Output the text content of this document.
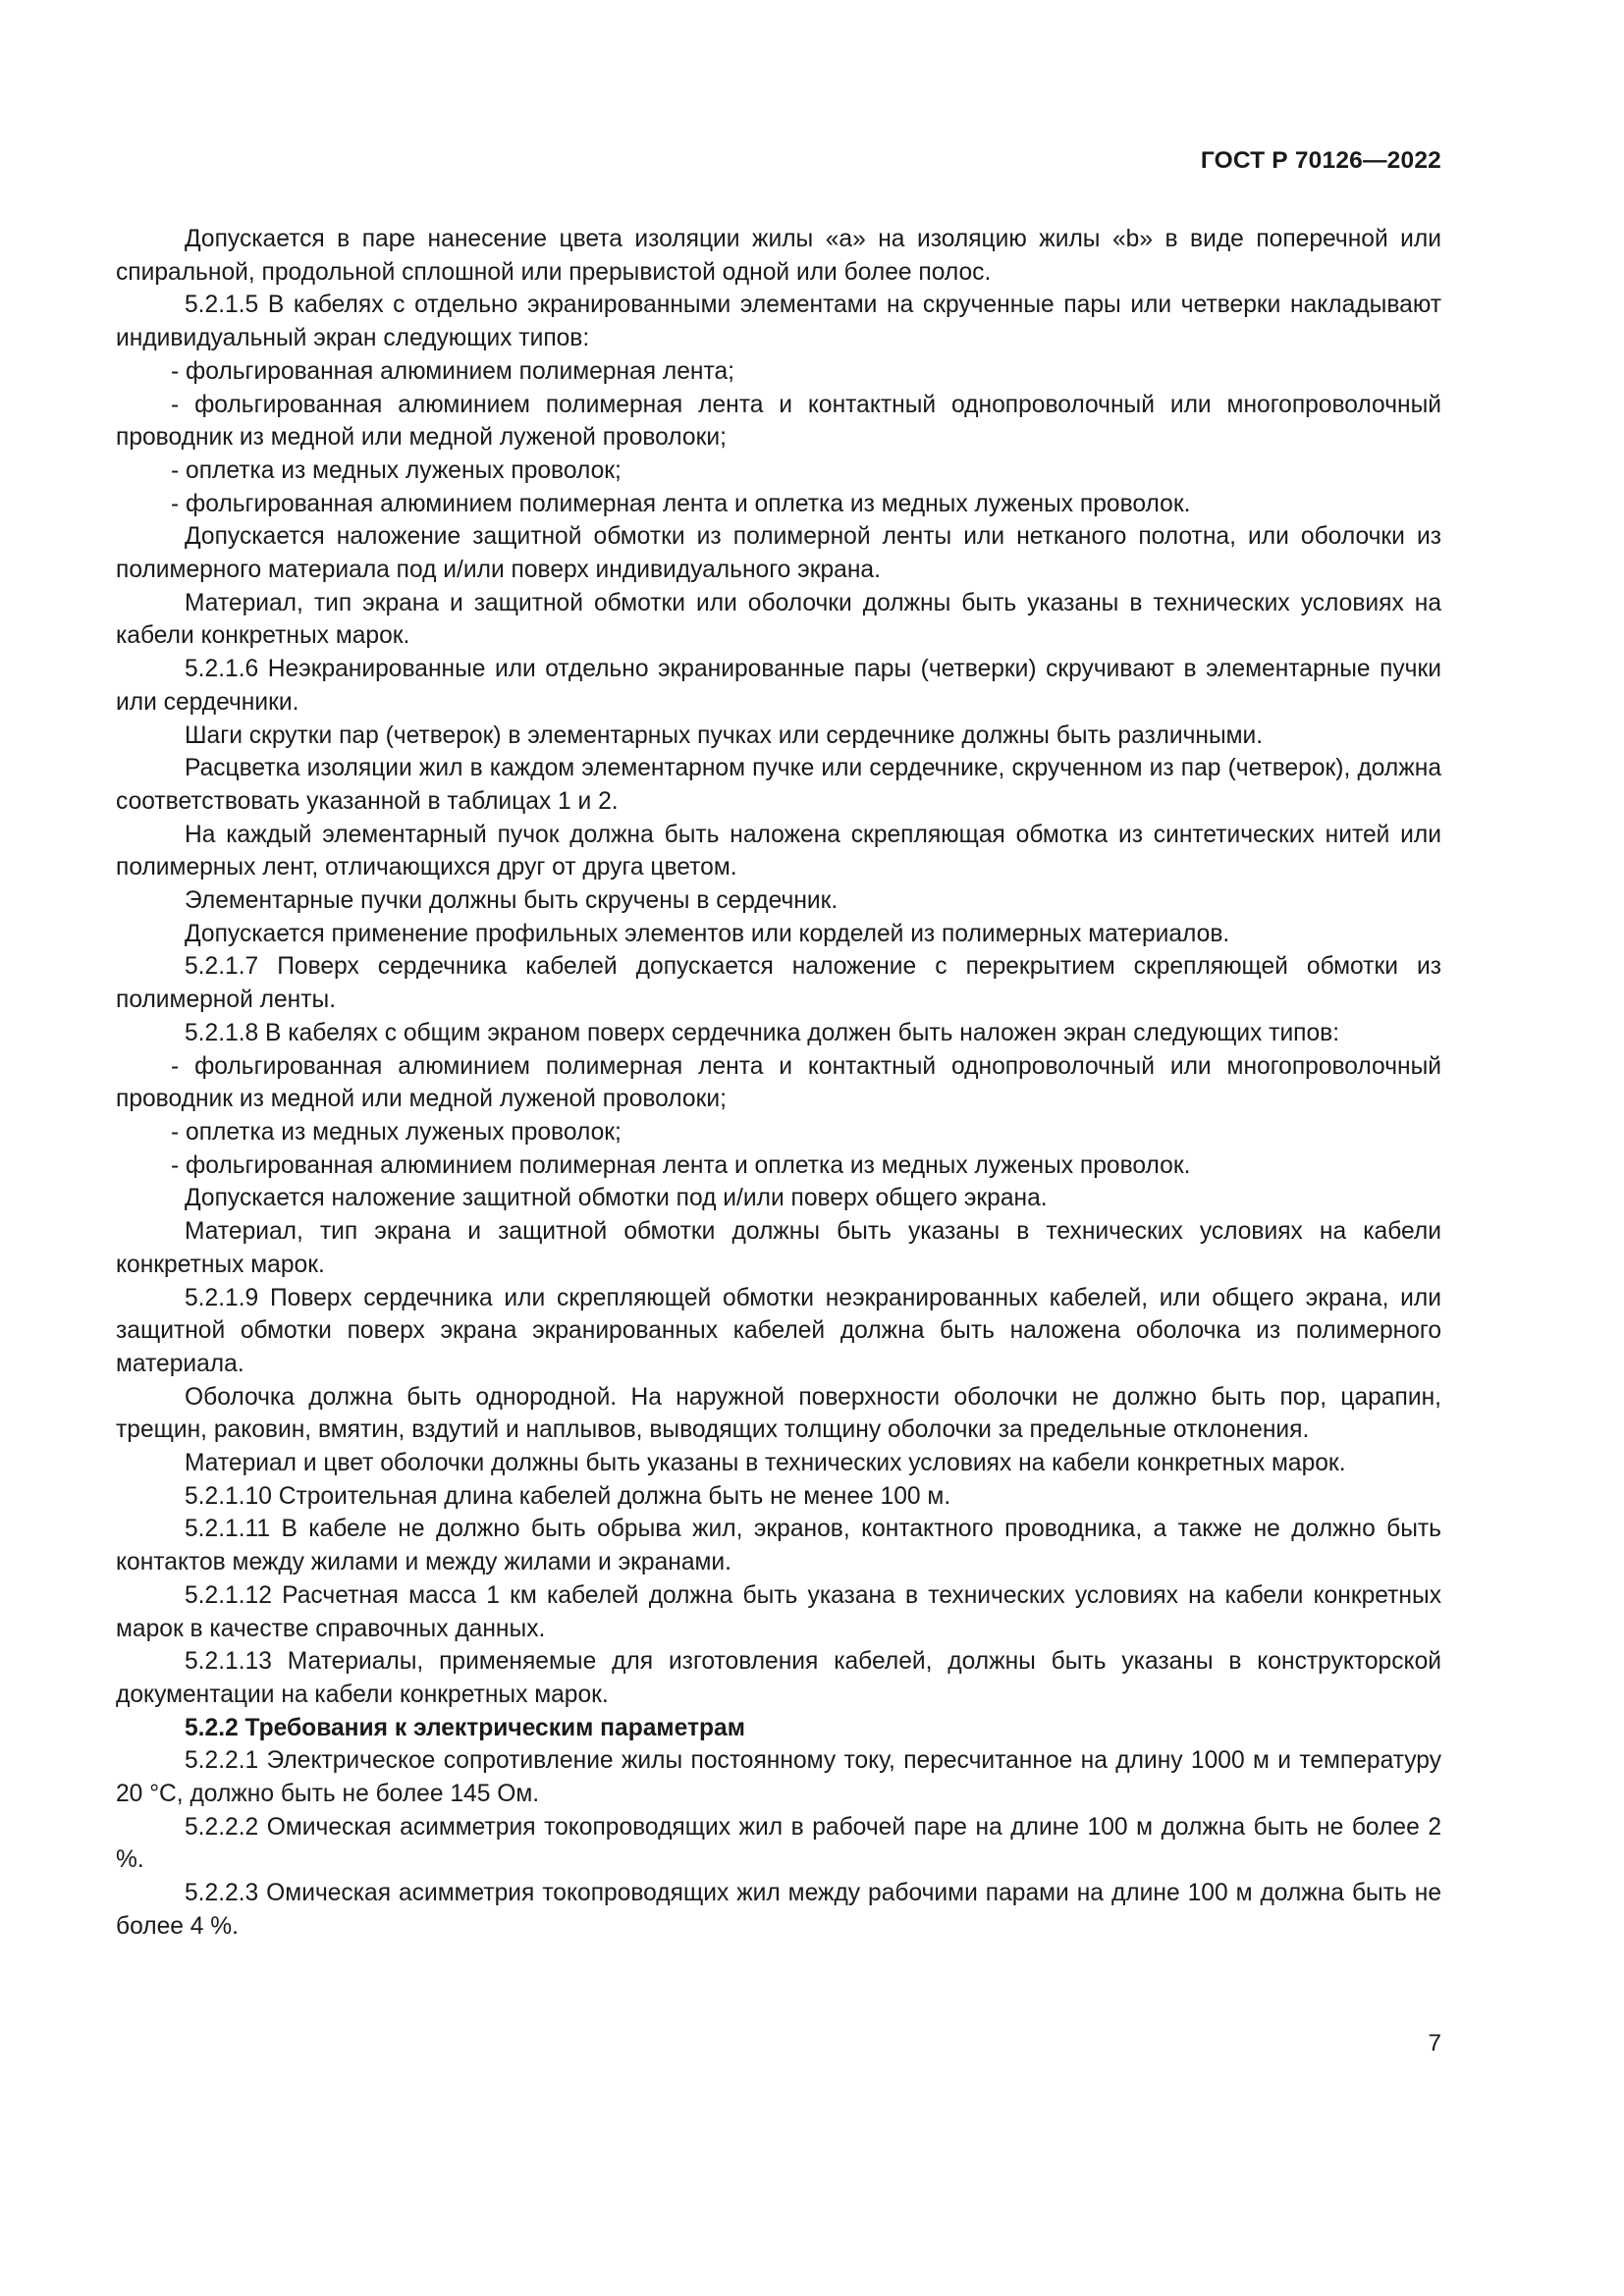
ГОСТ Р 70126—2022

Допускается в паре нанесение цвета изоляции жилы «а» на изоляцию жилы «b» в виде поперечной или спиральной, продольной сплошной или прерывистой одной или более полос.

5.2.1.5 В кабелях с отдельно экранированными элементами на скрученные пары или четверки накладывают индивидуальный экран следующих типов:

- фольгированная алюминием полимерная лента;

- фольгированная алюминием полимерная лента и контактный однопроволочный или многопроволочный проводник из медной или медной луженой проволоки;

- оплетка из медных луженых проволок;

- фольгированная алюминием полимерная лента и оплетка из медных луженых проволок.

Допускается наложение защитной обмотки из полимерной ленты или нетканого полотна, или оболочки из полимерного материала под и/или поверх индивидуального экрана.

Материал, тип экрана и защитной обмотки или оболочки должны быть указаны в технических условиях на кабели конкретных марок.

5.2.1.6 Неэкранированные или отдельно экранированные пары (четверки) скручивают в элементарные пучки или сердечники.

Шаги скрутки пар (четверок) в элементарных пучках или сердечнике должны быть различными.

Расцветка изоляции жил в каждом элементарном пучке или сердечнике, скрученном из пар (четверок), должна соответствовать указанной в таблицах 1 и 2.

На каждый элементарный пучок должна быть наложена скрепляющая обмотка из синтетических нитей или полимерных лент, отличающихся друг от друга цветом.

Элементарные пучки должны быть скручены в сердечник.

Допускается применение профильных элементов или корделей из полимерных материалов.

5.2.1.7 Поверх сердечника кабелей допускается наложение с перекрытием скрепляющей обмотки из полимерной ленты.

5.2.1.8 В кабелях с общим экраном поверх сердечника должен быть наложен экран следующих типов:

- фольгированная алюминием полимерная лента и контактный однопроволочный или многопроволочный проводник из медной или медной луженой проволоки;

- оплетка из медных луженых проволок;

- фольгированная алюминием полимерная лента и оплетка из медных луженых проволок.

Допускается наложение защитной обмотки под и/или поверх общего экрана.

Материал, тип экрана и защитной обмотки должны быть указаны в технических условиях на кабели конкретных марок.

5.2.1.9 Поверх сердечника или скрепляющей обмотки неэкранированных кабелей, или общего экрана, или защитной обмотки поверх экрана экранированных кабелей должна быть наложена оболочка из полимерного материала.

Оболочка должна быть однородной. На наружной поверхности оболочки не должно быть пор, царапин, трещин, раковин, вмятин, вздутий и наплывов, выводящих толщину оболочки за предельные отклонения.

Материал и цвет оболочки должны быть указаны в технических условиях на кабели конкретных марок.

5.2.1.10 Строительная длина кабелей должна быть не менее 100 м.

5.2.1.11 В кабеле не должно быть обрыва жил, экранов, контактного проводника, а также не должно быть контактов между жилами и между жилами и экранами.

5.2.1.12 Расчетная масса 1 км кабелей должна быть указана в технических условиях на кабели конкретных марок в качестве справочных данных.

5.2.1.13 Материалы, применяемые для изготовления кабелей, должны быть указаны в конструкторской документации на кабели конкретных марок.

5.2.2 Требования к электрическим параметрам

5.2.2.1 Электрическое сопротивление жилы постоянному току, пересчитанное на длину 1000 м и температуру 20 °С, должно быть не более 145 Ом.

5.2.2.2 Омическая асимметрия токопроводящих жил в рабочей паре на длине 100 м должна быть не более 2 %.

5.2.2.3 Омическая асимметрия токопроводящих жил между рабочими парами на длине 100 м должна быть не более 4 %.

7
